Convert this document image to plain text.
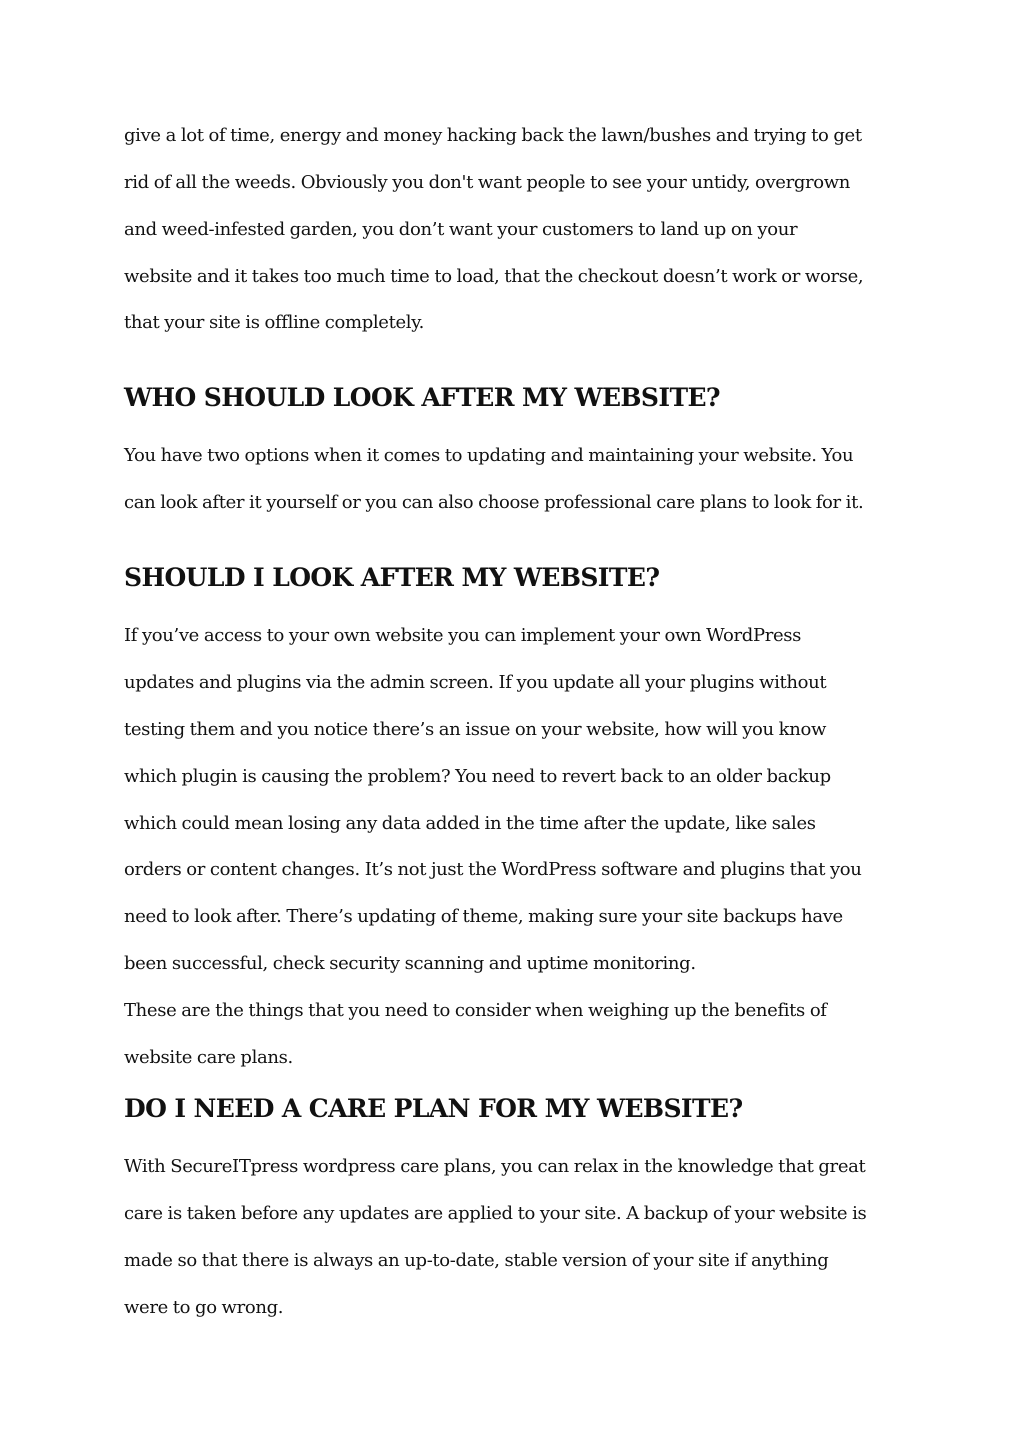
give a lot of time, energy and money hacking back the lawn/bushes and trying to get
rid of all the weeds. Obviously you don't want people to see your untidy, overgrown
and weed-infested garden, you don’t want your customers to land up on your
website and it takes too much time to load, that the checkout doesn’t work or worse,
that your site is offline completely.
WHO SHOULD LOOK AFTER MY WEBSITE?
You have two options when it comes to updating and maintaining your website. You
can look after it yourself or you can also choose professional care plans to look for it.
SHOULD I LOOK AFTER MY WEBSITE?
If you’ve access to your own website you can implement your own WordPress
updates and plugins via the admin screen. If you update all your plugins without
testing them and you notice there’s an issue on your website, how will you know
which plugin is causing the problem? You need to revert back to an older backup
which could mean losing any data added in the time after the update, like sales
orders or content changes. It’s not just the WordPress software and plugins that you
need to look after. There’s updating of theme, making sure your site backups have
been successful, check security scanning and uptime monitoring.
These are the things that you need to consider when weighing up the benefits of
website care plans.
DO I NEED A CARE PLAN FOR MY WEBSITE?
With SecureITpress wordpress care plans, you can relax in the knowledge that great
care is taken before any updates are applied to your site. A backup of your website is
made so that there is always an up-to-date, stable version of your site if anything
were to go wrong.
